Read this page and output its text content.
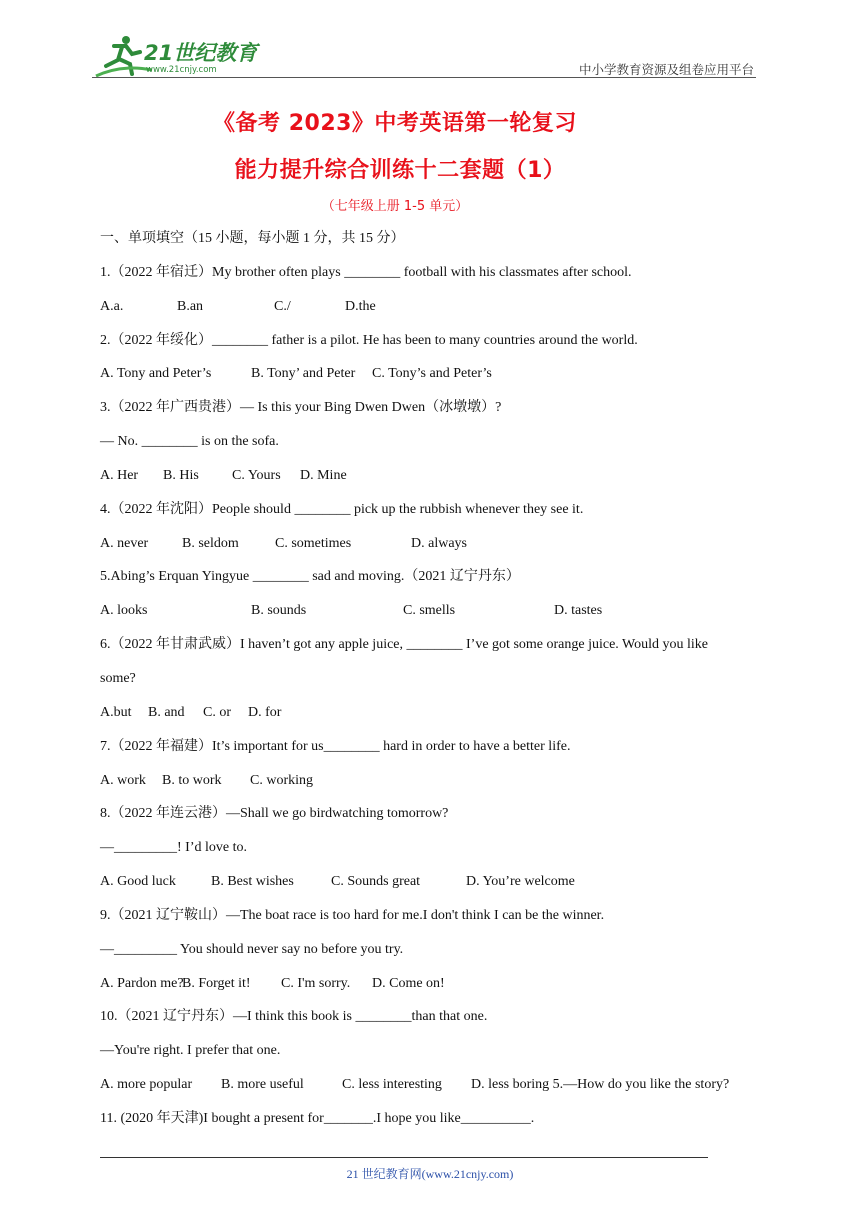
21世纪教育
www.21cnjy.com	中小学教育资源及组卷应用平台
《备考 2023》中考英语第一轮复习
能力提升综合训练十二套题（1）
（七年级上册 1-5 单元）
一、单项填空（15 小题，每小题 1 分，共 15 分）
1.（2022 年宿迁）My brother often plays ________ football with his classmates after school.
A.a.	B.an	C./	D.the
2.（2022 年绥化）________ father is a pilot. He has been to many countries around the world.
A. Tony and Peter’s	B. Tony’ and Peter C. Tony’s and Peter’s
3.（2022 年广西贵港）— Is this your Bing Dwen Dwen（冰墩墩）?
— No. ________ is on the sofa.
A. Her B. His C. Yours D. Mine
4.（2022 年沈阳）People should ________ pick up the rubbish whenever they see it.
A. never B. seldom	C. sometimes	D. always
5.Abing’s Erquan Yingyue ________ sad and moving.（2021 辽宁丹东）
A. looks	B. sounds	C. smells	D. tastes
6.（2022 年甘肃武威）I haven’t got any apple juice, ________ I’ve got some orange juice. Would you like
some?
A.but B. and C. or D. for
7.（2022 年福建）It’s important for us________ hard in order to have a better life.
A. work B. to work C. working
8.（2022 年连云港）—Shall we go birdwatching tomorrow?
—_________! I’d love to.
A. Good luck	B. Best wishes	C. Sounds great	D. You’re welcome
9.（2021 辽宁鞍山）—The boat race is too hard for me.I don't think I can be the winner.
—_________ You should never say no before you try.
A. Pardon me?B. Forget it! C. I'm sorry. D. Come on!
10.（2021 辽宁丹东）—I think this book is ________than that one.
—You're right. I prefer that one.
A. more popular B. more useful	C. less interesting D. less boring 5.—How do you like the story?
11. (2020 年天津)I bought a present for_______.I hope you like__________.
21 世纪教育网(www.21cnjy.com)
